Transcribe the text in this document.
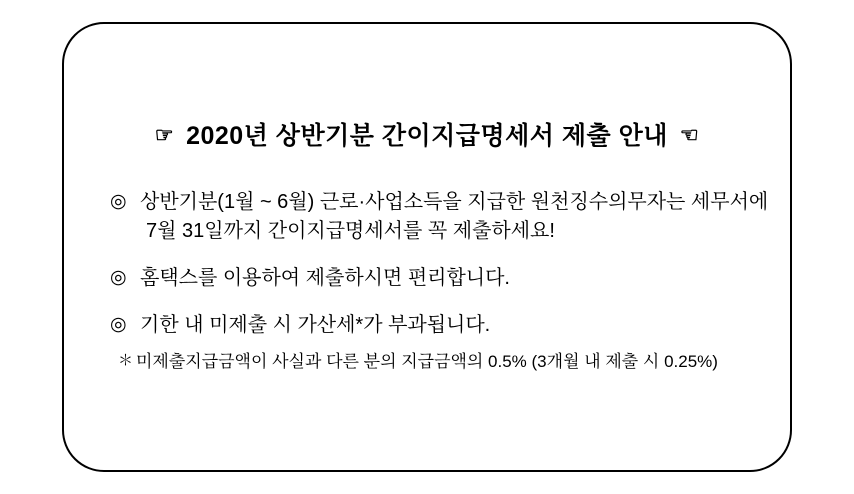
☞ 2020년 상반기분 간이지급명세서 제출 안내 ☜
◎ 상반기분(1월 ~ 6월) 근로·사업소득을 지급한 원천징수의무자는 세무서에
7월 31일까지 간이지급명세서를 꼭 제출하세요!
◎ 홈택스를 이용하여 제출하시면 편리합니다.
◎ 기한 내 미제출 시 가산세*가 부과됩니다.
＊ 미제출지급금액이 사실과 다른 분의 지급금액의 0.5% (3개월 내 제출 시 0.25%)
